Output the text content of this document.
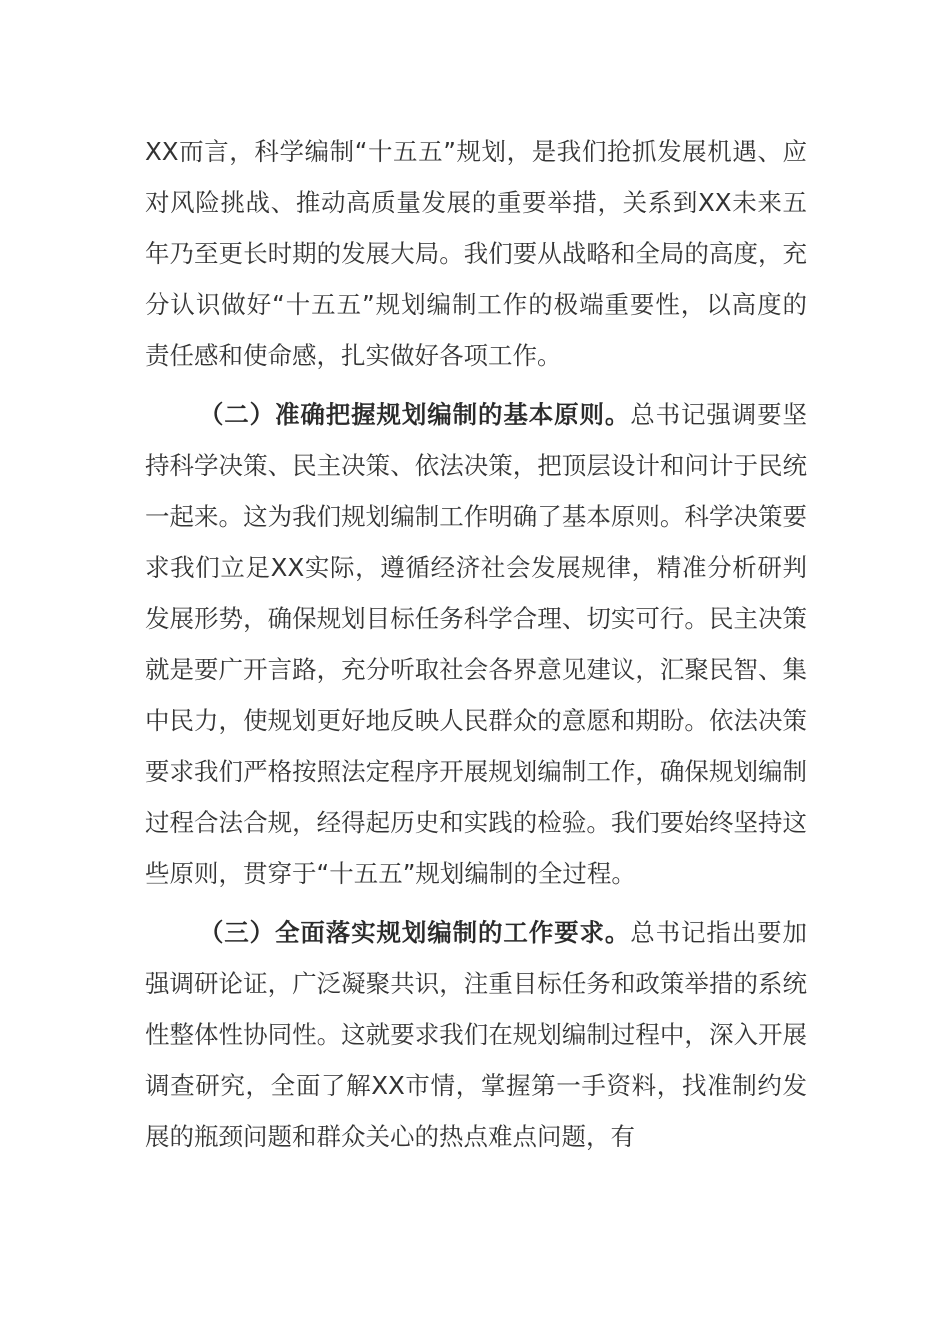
XX而言，科学编制“十五五”规划，是我们抢抓发展机遇、应对风险挑战、推动高质量发展的重要举措，关系到XX未来五年乃至更长时期的发展大局。我们要从战略和全局的高度，充分认识做好“十五五”规划编制工作的极端重要性，以高度的责任感和使命感，扎实做好各项工作。

（二）准确把握规划编制的基本原则。总书记强调要坚持科学决策、民主决策、依法决策，把顶层设计和问计于民统一起来。这为我们规划编制工作明确了基本原则。科学决策要求我们立足XX实际，遵循经济社会发展规律，精准分析研判发展形势，确保规划目标任务科学合理、切实可行。民主决策就是要广开言路，充分听取社会各界意见建议，汇聚民智、集中民力，使规划更好地反映人民群众的意愿和期盼。依法决策要求我们严格按照法定程序开展规划编制工作，确保规划编制过程合法合规，经得起历史和实践的检验。我们要始终坚持这些原则，贯穿于“十五五”规划编制的全过程。

（三）全面落实规划编制的工作要求。总书记指出要加强调研论证，广泛凝聚共识，注重目标任务和政策举措的系统性整体性协同性。这就要求我们在规划编制过程中，深入开展调查研究，全面了解XX市情，掌握第一手资料，找准制约发展的瓶颈问题和群众关心的热点难点问题，有
